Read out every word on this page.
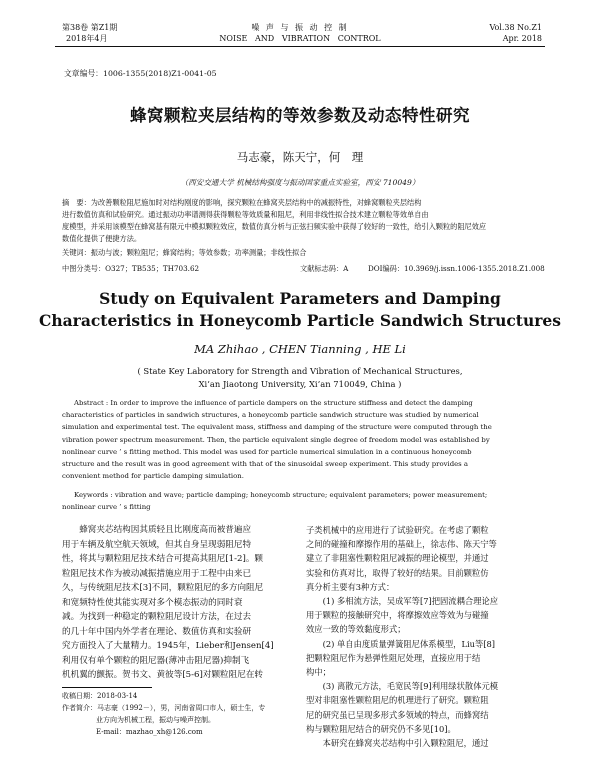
第38卷 第Z1期
2018年4月
噪 声 与 振 动 控 制
NOISE   AND   VIBRATION   CONTROL
Vol.38 No.Z1
Apr. 2018
文章编号：1006-1355(2018)Z1-0041-05
蜂窝颗粒夹层结构的等效参数及动态特性研究
马志豪，陈天宁，何　理
（西安交通大学 机械结构强度与振动国家重点实验室，西安 710049）
摘　要：为改善颗粒阻尼施加时对结构刚度的影响，探究颗粒在蜂窝夹层结构中的减振特性，对蜂窝颗粒夹层结构
进行数值仿真和试验研究。通过振动功率谱测得获得颗粒等效质量和阻尼，利用非线性拟合技术建立颗粒等效单自由
度模型，并采用该模型在蜂窝基有限元中模拟颗粒效应，数值仿真分析与正弦扫频实验中获得了较好的一致性，给引入颗粒的阻尼效应
数值化提供了便捷方法。
关键词：振动与波；颗粒阻尼；蜂窝结构；等效参数；功率测量；非线性拟合
中图分类号：O327；TB535；TH703.62	文献标志码：A	DOI编码：10.3969/j.issn.1006-1355.2018.Z1.008
Study on Equivalent Parameters and Damping
Characteristics in Honeycomb Particle Sandwich Structures
MA Zhihao , CHEN Tianning , HE Li
( State Key Laboratory for Strength and Vibration of Mechanical Structures,
Xi’an Jiaotong University, Xi’an 710049, China )
Abstract : In order to improve the influence of particle dampers on the structure stiffness and detect the damping
characteristics of particles in sandwich structures, a honeycomb particle sandwich structure was studied by numerical
simulation and experimental test. The equivalent mass, stiffness and damping of the structure were computed through the
vibration power spectrum measurement. Then, the particle equivalent single degree of freedom model was established by
nonlinear curve ’ s fitting method. This model was used for particle numerical simulation in a continuous honeycomb
structure and the result was in good agreement with that of the sinusoidal sweep experiment. This study provides a
convenient method for particle damping simulation.
Keywords : vibration and wave; particle damping; honeycomb structure; equivalent parameters; power measurement;
nonlinear curve ’ s fitting
　　蜂窝夹芯结构因其质轻且比刚度高而被普遍应
用于车辆及航空航天领域，但其自身呈现弱阻尼特
性，将其与颗粒阻尼技术结合可提高其阻尼[1-2]。颗
粒阻尼技术作为被动减振措施应用于工程中由来已
久，与传统阻尼技术[3]不同，颗粒阻尼的多方向阻尼
和宽频特性使其能实现对多个模态振动的同时衰
减。为找到一种稳定的颗粒阻尼设计方法，在过去
的几十年中国内外学者在理论、数值仿真和实验研
究方面投入了大量精力。1945年，Lieber和Jensen[4]
利用仅有单个颗粒的阻尼器(薄冲击阻尼器)抑制飞
机机翼的颤振。贺书文、黄彼等[5-6]对颗粒阻尼在转
收稿日期：2018-03-14
作者简介：马志豪（1992－），男，河南省周口市人，硕士生，专
业方向为机械工程，振动与噪声控制。
E-mail：mazhao_xh@126.com
子类机械中的应用进行了试验研究。在考虑了颗粒
之间的碰撞和摩擦作用的基础上，徐志伟、陈天宁等
建立了非阻塞性颗粒阻尼减振的理论模型，并通过
实验和仿真对比，取得了较好的结果。目前颗粒仿
真分析主要有3种方式：
　　(1) 多相流方法，吴成军等[7]把固流耦合理论应
用于颗粒的接触研究中，将摩擦效应等效为与碰撞
效应一致的等效黏度形式；
　　(2) 单自由度质量弹簧阻尼体系模型，Liu等[8]
把颗粒阻尼作为悬弹性阻尼处理，直接应用于结
构中；
　　(3) 离散元方法，毛宽民等[9]利用绿状散体元模
型对非阻塞性颗粒阻尼的机理进行了研究。颗粒阻
尼的研究虽已呈现多形式多领域的特点，而蜂窝结
构与颗粒阻尼结合的研究仍不多见[10]。
　　本研究在蜂窝夹芯结构中引入颗粒阻尼，通过
